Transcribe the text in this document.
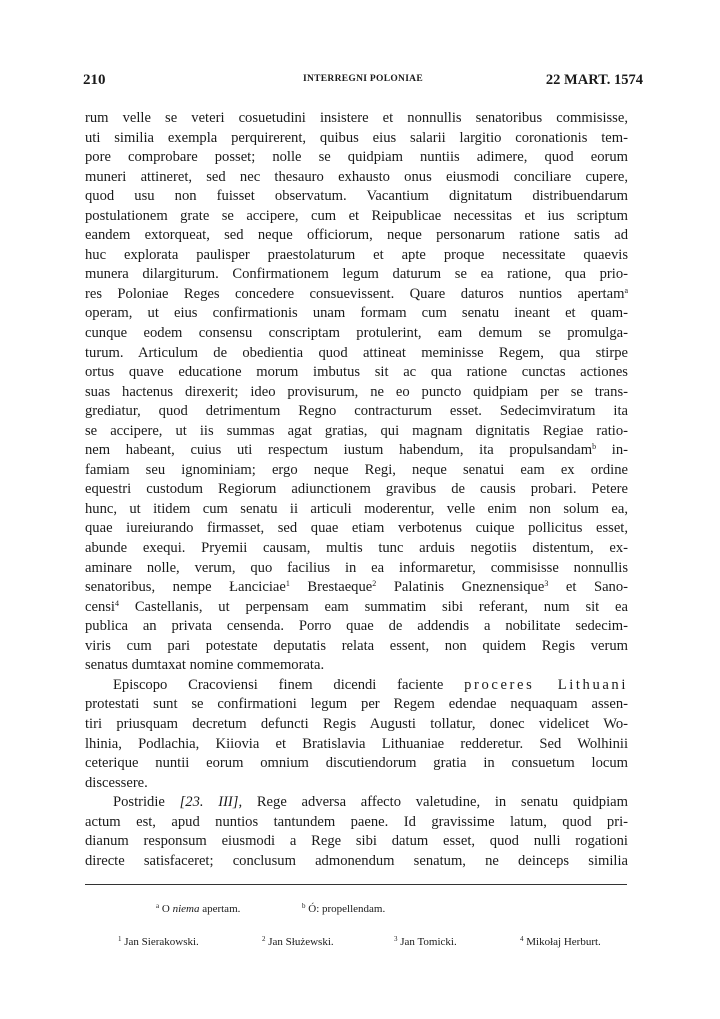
210	INTERREGNI POLONIAE	22 MART. 1574
rum velle se veteri cosuetudini insistere et nonnullis senatoribus commisisse,
uti similia exempla perquirerent, quibus eius salarii largitio coronationis tem-
pore comprobare posset; nolle se quidpiam nuntiis adimere, quod eorum
muneri attineret, sed nec thesauro exhausto onus eiusmodi conciliare cupere,
quod usu non fuisset observatum. Vacantium dignitatum distribuendarum
postulationem grate se accipere, cum et Reipublicae necessitas et ius scriptum
eandem extorqueat, sed neque officiorum, neque personarum ratione satis ad
huc explorata paulisper praestolaturum et apte proque necessitate quaevis
munera dilargiturum. Confirmationem legum daturum se ea ratione, qua prio-
res Poloniae Reges concedere consuevissent. Quare daturos nuntios apertam$^a$
operam, ut eius confirmationis unam formam cum senatu ineant et quam-
cunque eodem consensu conscriptam protulerint, eam demum se promulga-
turum. Articulum de obedientia quod attineat meminisse Regem, qua stirpe
ortus quave educatione morum imbutus sit ac qua ratione cunctas actiones
suas hactenus direxerit; ideo provisurum, ne eo puncto quidpiam per se trans-
grediatur, quod detrimentum Regno contracturum esset. Sedecimviratum ita
se accipere, ut iis summas agat gratias, qui magnam dignitatis Regiae ratio-
nem habeant, cuius uti respectum iustum habendum, ita propulsandam$^b$ in-
famiam seu ignominiam; ergo neque Regi, neque senatui eam ex ordine
equestri custodum Regiorum adiunctionem gravibus de causis probari. Petere
hunc, ut itidem cum senatu ii articuli moderentur, velle enim non solum ea,
quae iureiurando firmasset, sed quae etiam verbotenus cuique pollicitus esset,
abunde exequi. Pryemii causam, multis tunc arduis negotiis distentum, ex-
aminare nolle, verum, quo facilius in ea informaretur, commisisse nonnullis
senatoribus, nempe Łanciciae$^1$ Brestaeque$^2$ Palatinis Gneznensique$^3$ et Sano-
censi$^4$ Castellanis, ut perpensam eam summatim sibi referant, num sit ea
publica an privata censenda. Porro quae de addendis a nobilitate sedecim-
viris cum pari potestate deputatis relata essent, non quidem Regis verum
senatus dumtaxat nomine commemorata.
Episcopo Cracoviensi finem dicendi faciente proceres Lithuani
protestati sunt se confirmationi legum per Regem edendae nequaquam assen-
tiri priusquam decretum defuncti Regis Augusti tollatur, donec videlicet Wo-
lhinia, Podlachia, Kiiovia et Bratislavia Lithuaniae redderetur. Sed Wolhinii
ceterique nuntii eorum omnium discutiendorum gratia in consuetum locum
discessere.
Postridie [23. III], Rege adversa affecto valetudine, in senatu quidpiam
actum est, apud nuntios tantundem paene. Id gravissime latum, quod pri-
dianum responsum eiusmodi a Rege sibi datum esset, quod nulli rogationi
directe satisfaceret; conclusum admonendum senatum, ne deinceps similia
$^a$ O niema apertam.	$^b$ Ó: propellendam.
$^1$ Jan Sierakowski.	$^2$ Jan Służewski.	$^3$ Jan Tomicki.	$^4$ Mikołaj Herburt.
